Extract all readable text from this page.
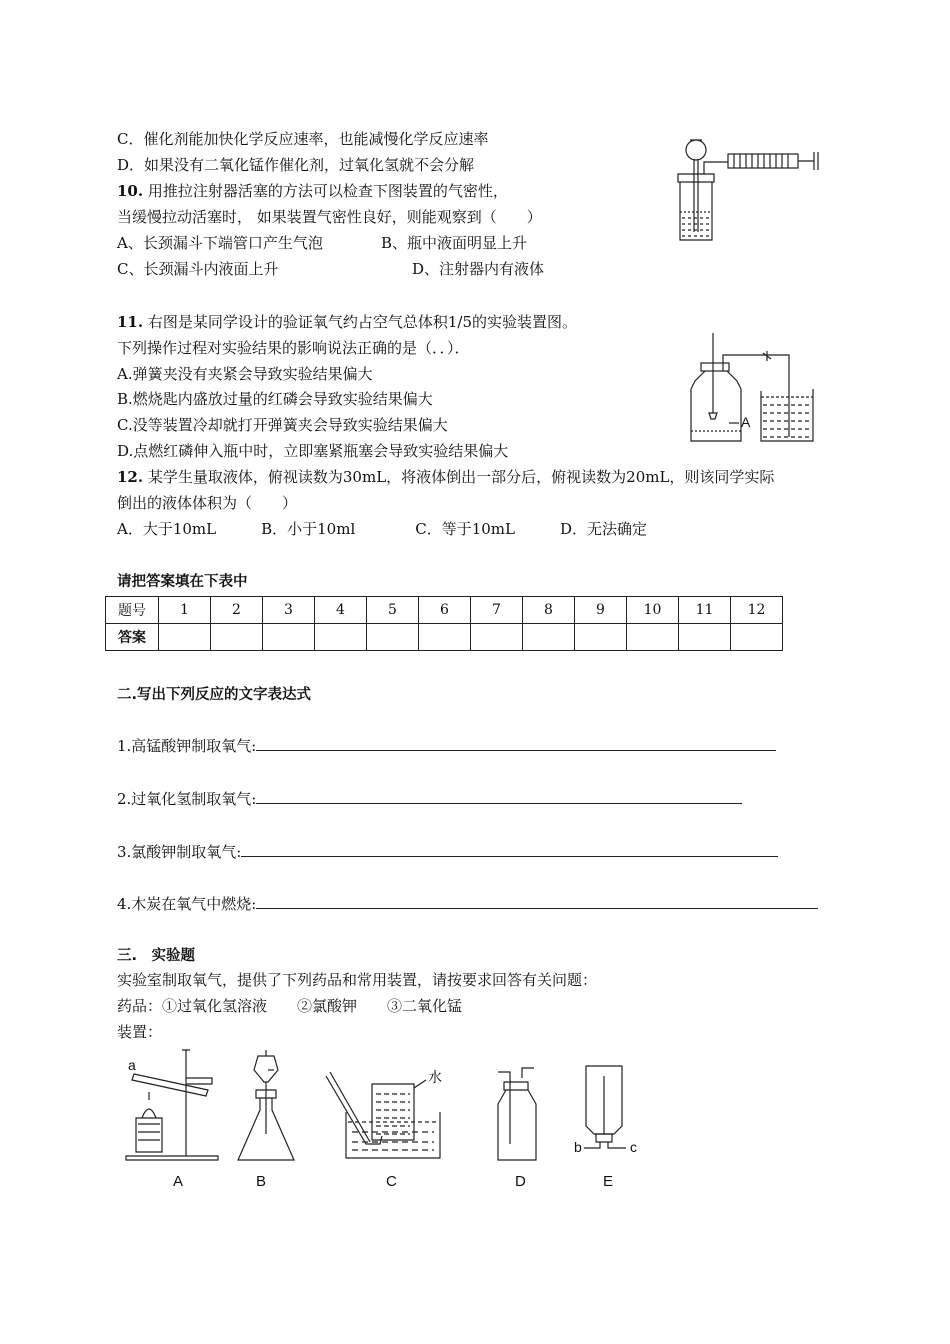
C．催化剂能加快化学反应速率，也能减慢化学反应速率
D．如果没有二氧化锰作催化剂，过氧化氢就不会分解
10. 用推拉注射器活塞的方法可以检查下图装置的气密性，
当缓慢拉动活塞时， 如果装置气密性良好，则能观察到（　　）
A、长颈漏斗下端管口产生气泡	B、瓶中液面明显上升
C、长颈漏斗内液面上升	D、注射器内有液体
11. 右图是某同学设计的验证氧气约占空气总体积1/5的实验装置图。
下列操作过程对实验结果的影响说法正确的是（．．）．
A.弹簧夹没有夹紧会导致实验结果偏大
B.燃烧匙内盛放过量的红磷会导致实验结果偏大
C.没等装置冷却就打开弹簧夹会导致实验结果偏大
D.点燃红磷伸入瓶中时，立即塞紧瓶塞会导致实验结果偏大
A
12. 某学生量取液体，俯视读数为30mL，将液体倒出一部分后，俯视读数为20mL，则该同学实际
倒出的液体体积为（　　）
A．大于10mL　　　B．小于10ml　　　　C．等于10mL　　　D．无法确定
请把答案填在下表中
题号	1	2	3	4	5	6	7	8	9	10	11	12
答案												
二.写出下列反应的文字表达式
1.高锰酸钾制取氧气:
2.过氧化氢制取氧气:
3.氯酸钾制取氧气:
4.木炭在氧气中燃烧:
三.　实验题
实验室制取氧气，提供了下列药品和常用装置，请按要求回答有关问题：
药品：①过氧化氢溶液　　②氯酸钾　　③二氧化锰
装置：
a
A	B
水
C	D
b	c
E
